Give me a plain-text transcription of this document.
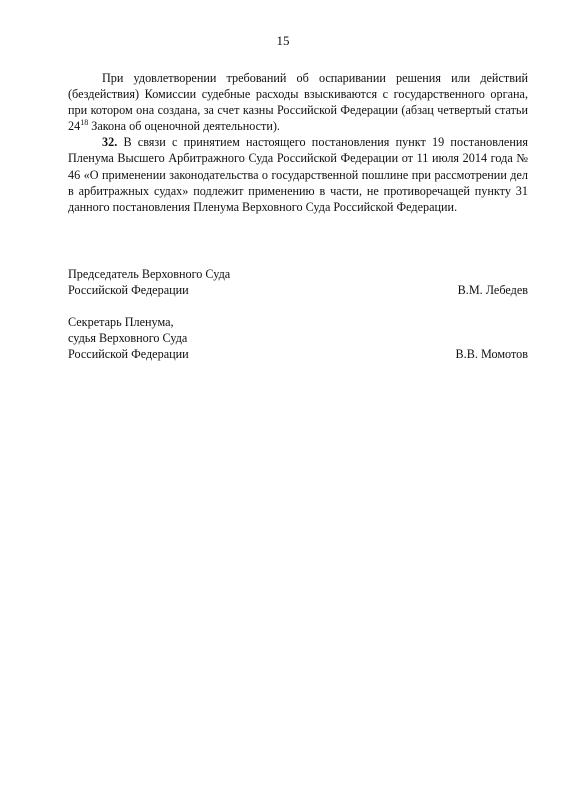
15

При удовлетворении требований об оспаривании решения или действий (бездействия) Комиссии судебные расходы взыскиваются с государственного органа, при котором она создана, за счет казны Российской Федерации (абзац четвертый статьи $24^{18}$ Закона об оценочной деятельности).

32. В связи с принятием настоящего постановления пункт 19 постановления Пленума Высшего Арбитражного Суда Российской Федерации от 11 июля 2014 года № 46 «О применении законодательства о государственной пошлине при рассмотрении дел в арбитражных судах» подлежит применению в части, не противоречащей пункту 31 данного постановления Пленума Верховного Суда Российской Федерации.

Председатель Верховного Суда
Российской Федерации	В.М. Лебедев
Секретарь Пленума,
судья Верховного Суда
Российской Федерации	В.В. Момотов
